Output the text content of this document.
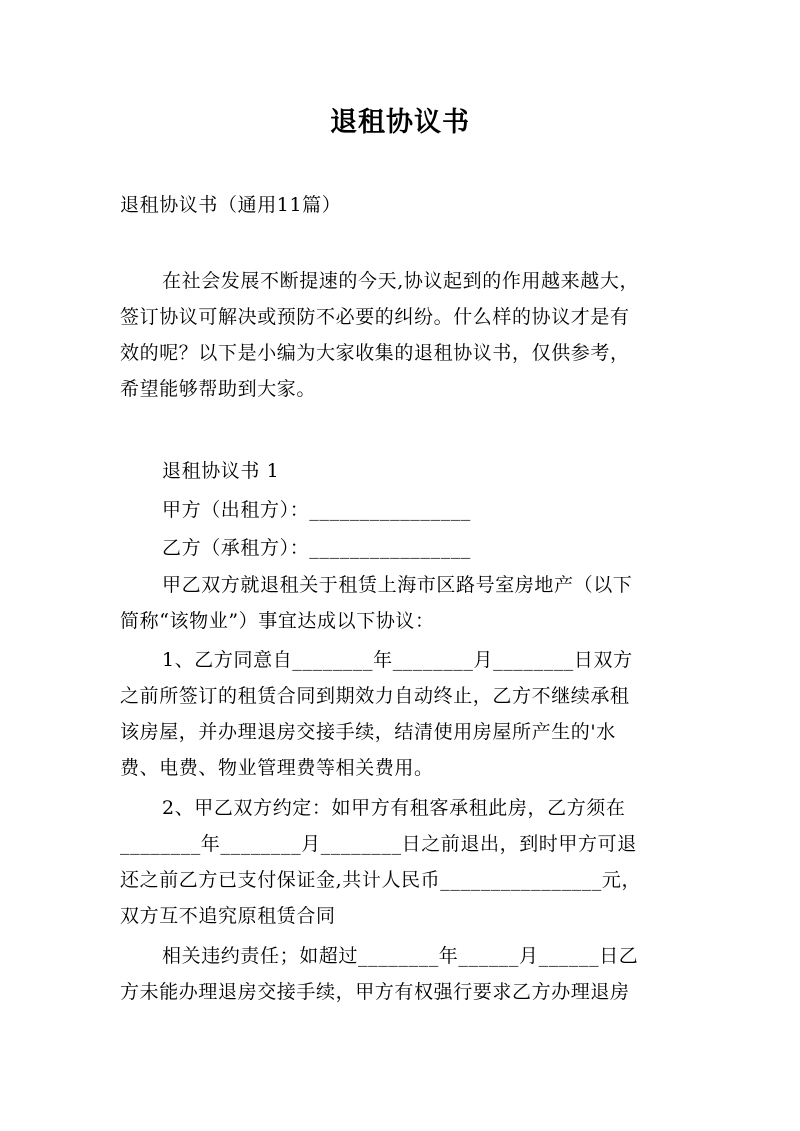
退租协议书
退租协议书（通用11篇）
在社会发展不断提速的今天,协议起到的作用越来越大，
签订协议可解决或预防不必要的纠纷。什么样的协议才是有
效的呢？以下是小编为大家收集的退租协议书，仅供参考，
希望能够帮助到大家。
退租协议书 1
甲方（出租方）：________________
乙方（承租方）：________________
甲乙双方就退租关于租赁上海市区路号室房地产（以下
简称“该物业”）事宜达成以下协议：
1、乙方同意自________年________月________日双方
之前所签订的租赁合同到期效力自动终止，乙方不继续承租
该房屋，并办理退房交接手续，结清使用房屋所产生的'水
费、电费、物业管理费等相关费用。
2、甲乙双方约定：如甲方有租客承租此房，乙方须在
________年________月________日之前退出，到时甲方可退
还之前乙方已支付保证金,共计人民币________________元，
双方互不追究原租赁合同
相关违约责任；如超过________年______月______日乙
方未能办理退房交接手续，甲方有权强行要求乙方办理退房
